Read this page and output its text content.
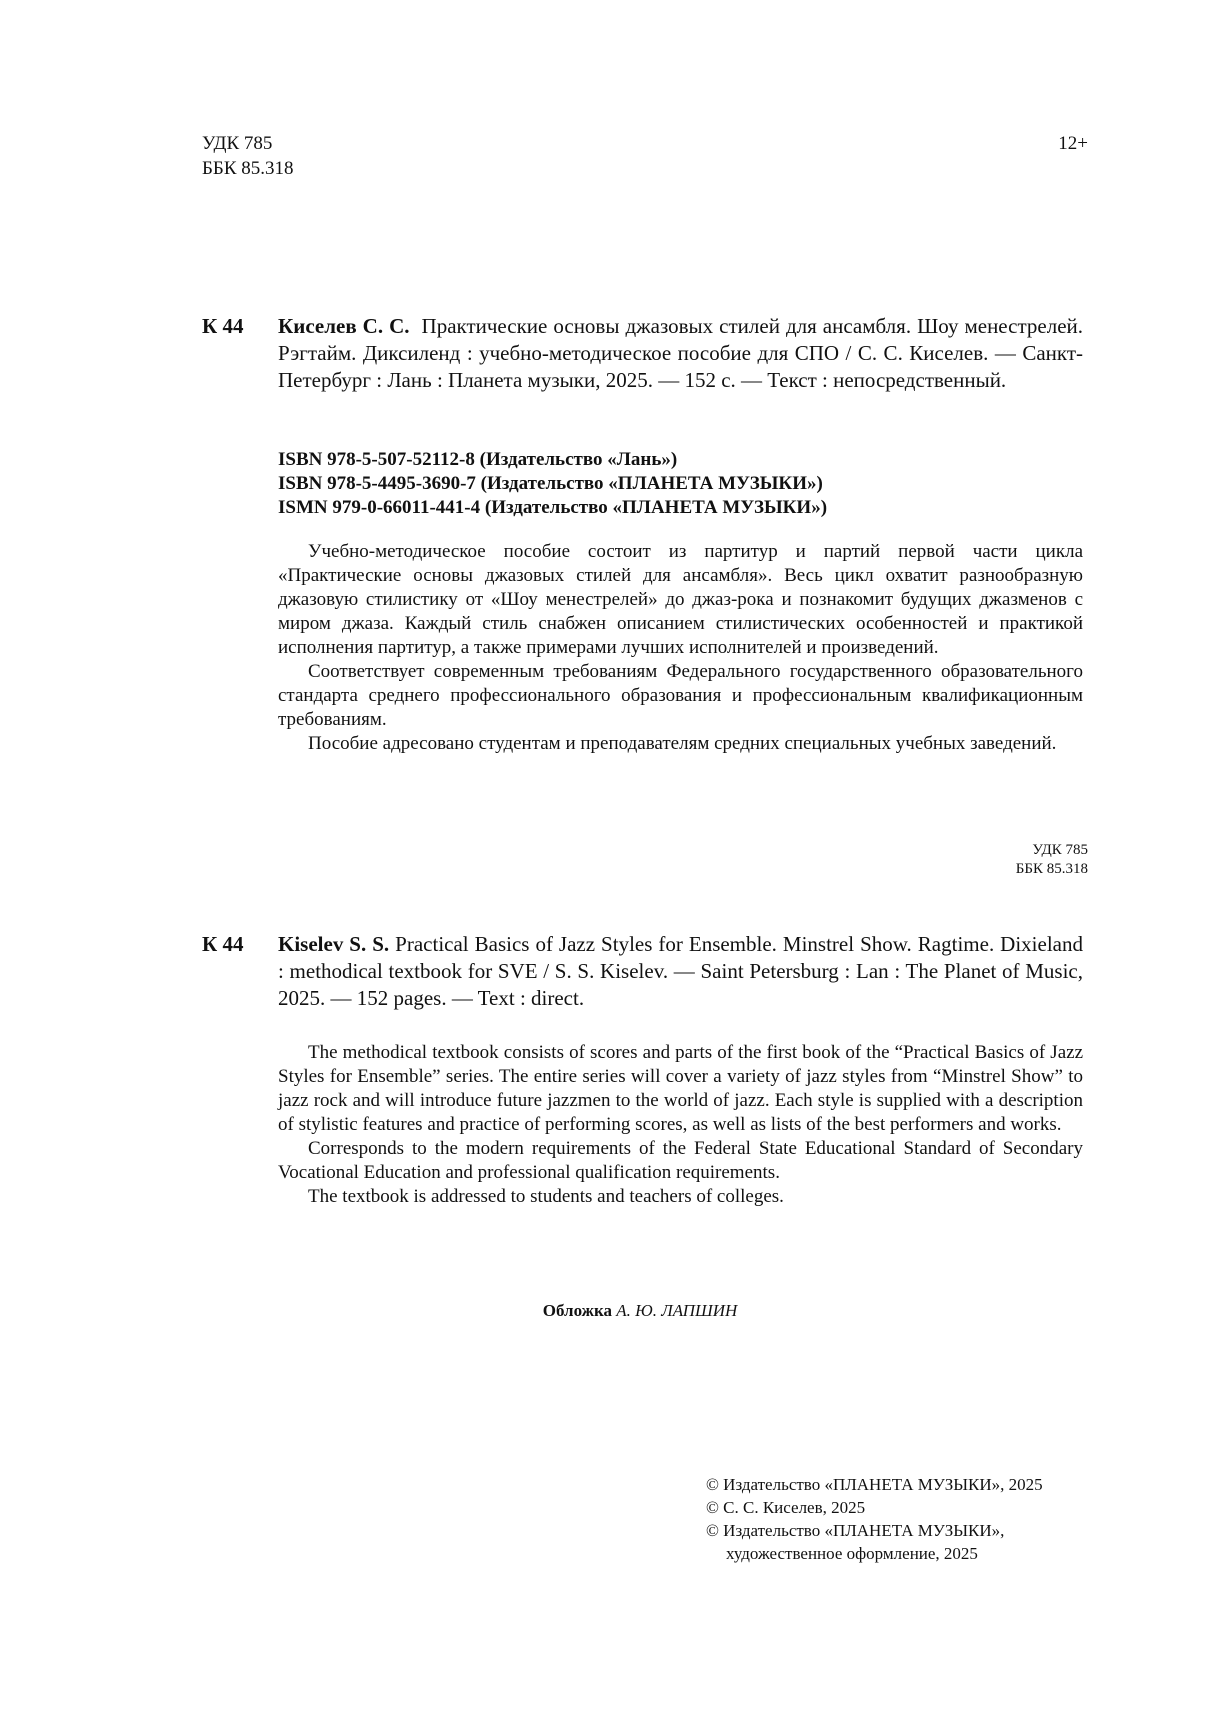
УДК 785
ББК 85.318
12+
К 44 Киселев С. С. Практические основы джазовых стилей для ансамбля. Шоу менестрелей. Рэгтайм. Диксиленд : учебно-методическое пособие для СПО / С. С. Киселев. — Санкт-Петербург : Лань : Планета музыки, 2025. — 152 с. — Текст : непосредственный.
ISBN 978-5-507-52112-8 (Издательство «Лань»)
ISBN 978-5-4495-3690-7 (Издательство «ПЛАНЕТА МУЗЫКИ»)
ISMN 979-0-66011-441-4 (Издательство «ПЛАНЕТА МУЗЫКИ»)

Учебно-методическое пособие состоит из партитур и партий первой части цикла «Практические основы джазовых стилей для ансамбля». Весь цикл охватит разнообразную джазовую стилистику от «Шоу менестрелей» до джаз-рока и познакомит будущих джазменов с миром джаза. Каждый стиль снабжен описанием стилистических особенностей и практикой исполнения партитур, а также примерами лучших исполнителей и произведений.

Соответствует современным требованиям Федерального государственного образовательного стандарта среднего профессионального образования и профессиональным квалификационным требованиям.

Пособие адресовано студентам и преподавателям средних специальных учебных заведений.

УДК 785
ББК 85.318
К 44 Kiselev S. S. Practical Basics of Jazz Styles for Ensemble. Minstrel Show. Ragtime. Dixieland : methodical textbook for SVE / S. S. Kiselev. — Saint Petersburg : Lan : The Planet of Music, 2025. — 152 pages. — Text : direct.

The methodical textbook consists of scores and parts of the first book of the “Practical Basics of Jazz Styles for Ensemble” series. The entire series will cover a variety of jazz styles from “Minstrel Show” to jazz rock and will introduce future jazzmen to the world of jazz. Each style is supplied with a description of stylistic features and practice of performing scores, as well as lists of the best performers and works.

Corresponds to the modern requirements of the Federal State Educational Standard of Secondary Vocational Education and professional qualification requirements.

The textbook is addressed to students and teachers of colleges.

Обложка А. Ю. ЛАПШИН
© Издательство «ПЛАНЕТА МУЗЫКИ», 2025
© С. С. Киселев, 2025
© Издательство «ПЛАНЕТА МУЗЫКИ»,
художественное оформление, 2025
